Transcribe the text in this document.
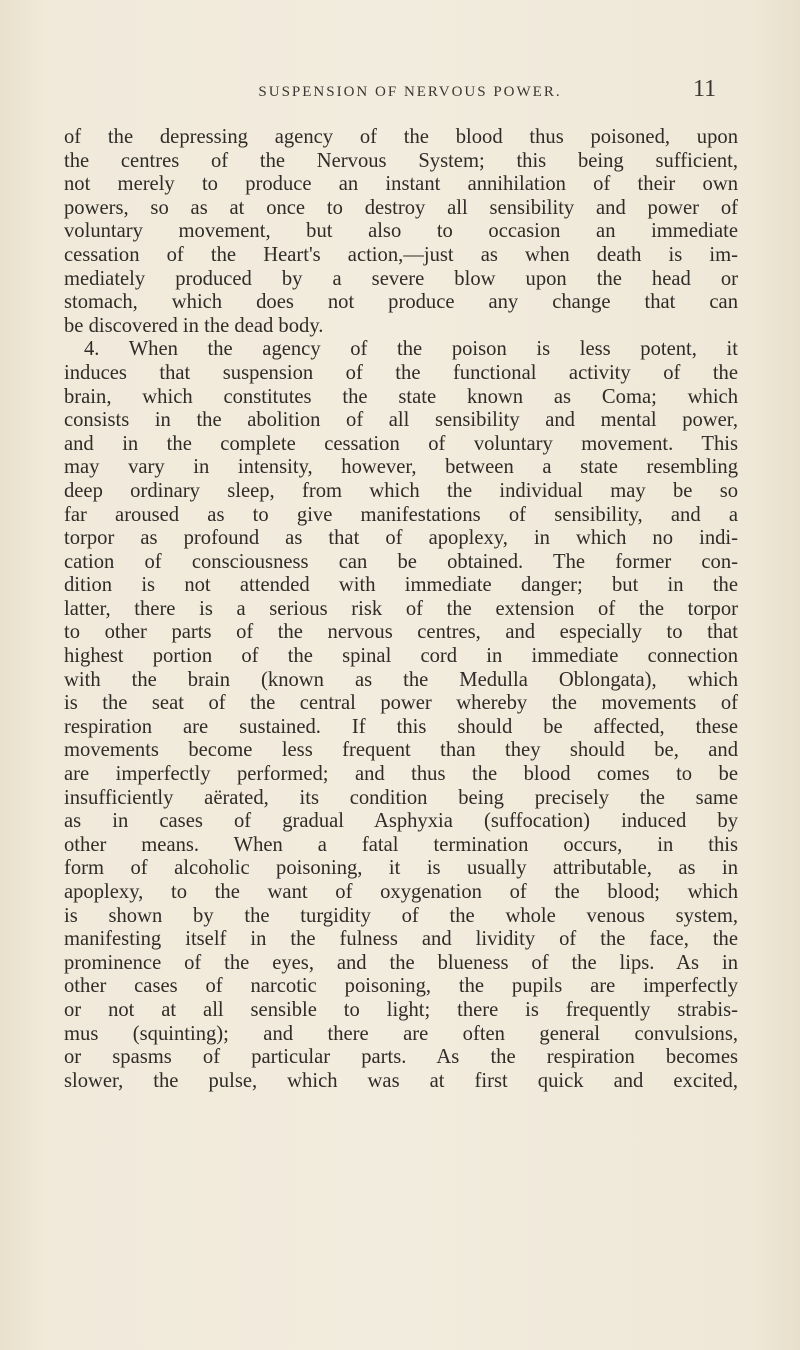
SUSPENSION OF NERVOUS POWER.	11
of the depressing agency of the blood thus poisoned, upon
the centres of the Nervous System; this being sufficient,
not merely to produce an instant annihilation of their own
powers, so as at once to destroy all sensibility and power of
voluntary movement, but also to occasion an immediate
cessation of the Heart's action,—just as when death is im-
mediately produced by a severe blow upon the head or
stomach, which does not produce any change that can
be discovered in the dead body.
4. When the agency of the poison is less potent, it
induces that suspension of the functional activity of the
brain, which constitutes the state known as Coma; which
consists in the abolition of all sensibility and mental power,
and in the complete cessation of voluntary movement. This
may vary in intensity, however, between a state resembling
deep ordinary sleep, from which the individual may be so
far aroused as to give manifestations of sensibility, and a
torpor as profound as that of apoplexy, in which no indi-
cation of consciousness can be obtained. The former con-
dition is not attended with immediate danger; but in the
latter, there is a serious risk of the extension of the torpor
to other parts of the nervous centres, and especially to that
highest portion of the spinal cord in immediate connection
with the brain (known as the Medulla Oblongata), which
is the seat of the central power whereby the movements of
respiration are sustained. If this should be affected, these
movements become less frequent than they should be, and
are imperfectly performed; and thus the blood comes to be
insufficiently aërated, its condition being precisely the same
as in cases of gradual Asphyxia (suffocation) induced by
other means. When a fatal termination occurs, in this
form of alcoholic poisoning, it is usually attributable, as in
apoplexy, to the want of oxygenation of the blood; which
is shown by the turgidity of the whole venous system,
manifesting itself in the fulness and lividity of the face, the
prominence of the eyes, and the blueness of the lips. As in
other cases of narcotic poisoning, the pupils are imperfectly
or not at all sensible to light; there is frequently strabis-
mus (squinting); and there are often general convulsions,
or spasms of particular parts. As the respiration becomes
slower, the pulse, which was at first quick and excited,
